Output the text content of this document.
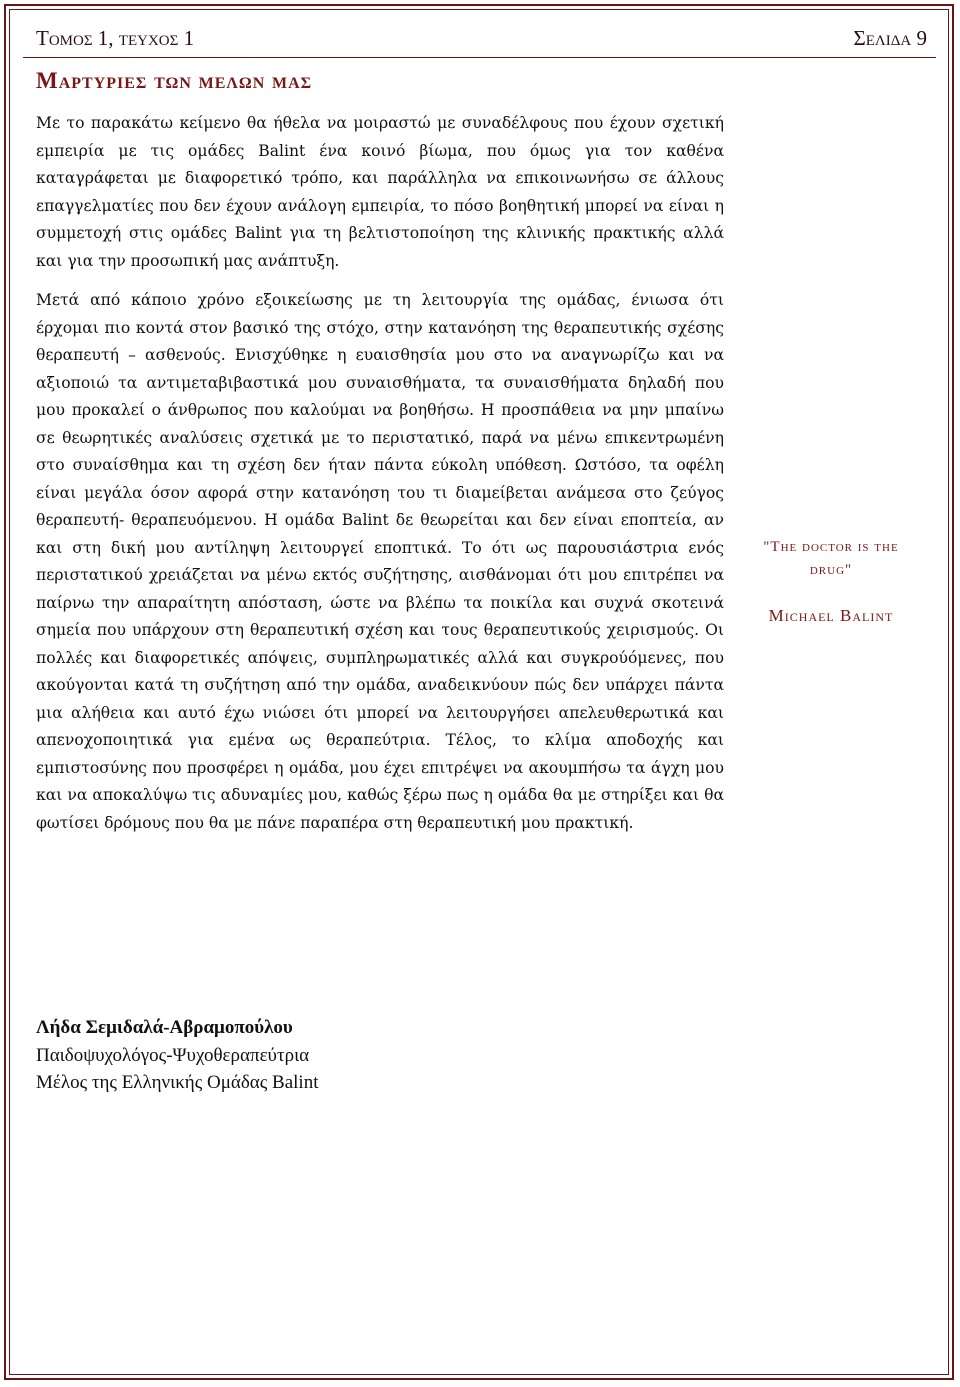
Τομος 1, τευχος 1	Σελιδα 9
Μαρτυριες των μελων μας

Με το παρακάτω κείμενο θα ήθελα να μοιραστώ με συναδέλφους που έχουν σχετική εμπειρία με τις ομάδες Balint ένα κοινό βίωμα, που όμως για τον καθένα καταγράφεται με διαφορετικό τρόπο, και παράλληλα να επικοινωνήσω σε άλλους επαγγελματίες που δεν έχουν ανάλογη εμπειρία, το πόσο βοηθητική μπορεί να είναι η συμμετοχή στις ομάδες Balint για τη βελτιστοποίηση της κλινικής πρακτικής αλλά και για την προσωπική μας ανάπτυξη.

Μετά από κάποιο χρόνο εξοικείωσης με τη λειτουργία της ομάδας, ένιωσα ότι έρχομαι πιο κοντά στον βασικό της στόχο, στην κατανόηση της θεραπευτικής σχέσης θεραπευτή – ασθενούς. Ενισχύθηκε η ευαισθησία μου στο να αναγνωρίζω και να αξιοποιώ τα αντιμεταβιβαστικά μου συναισθήματα, τα συναισθήματα δηλαδή που μου προκαλεί ο άνθρωπος που καλούμαι να βοηθήσω. Η προσπάθεια να μην μπαίνω σε θεωρητικές αναλύσεις σχετικά με το περιστατικό, παρά να μένω επικεντρωμένη στο συναίσθημα και τη σχέση δεν ήταν πάντα εύκολη υπόθεση. Ωστόσο, τα οφέλη είναι μεγάλα όσον αφορά στην κατανόηση του τι διαμείβεται ανάμεσα στο ζεύγος θεραπευτή- θεραπευόμενου. Η ομάδα Balint δε θεωρείται και δεν είναι εποπτεία, αν και στη δική μου αντίληψη λειτουργεί εποπτικά. Το ότι ως παρουσιάστρια ενός περιστατικού χρειάζεται να μένω εκτός συζήτησης, αισθάνομαι ότι μου επιτρέπει να παίρνω την απαραίτητη απόσταση, ώστε να βλέπω τα ποικίλα και συχνά σκοτεινά σημεία που υπάρχουν στη θεραπευτική σχέση και τους θεραπευτικούς χειρισμούς. Οι πολλές και διαφορετικές απόψεις, συμπληρωματικές αλλά και συγκρούόμενες, που ακούγονται κατά τη συζήτηση από την ομάδα, αναδεικνύουν πώς δεν υπάρχει πάντα μια αλήθεια και αυτό έχω νιώσει ότι μπορεί να λειτουργήσει απελευθερωτικά και απενοχοποιητικά για εμένα ως θεραπεύτρια. Τέλος, το κλίμα αποδοχής και εμπιστοσύνης που προσφέρει η ομάδα, μου έχει επιτρέψει να ακουμπήσω τα άγχη μου και να αποκαλύψω τις αδυναμίες μου, καθώς ξέρω πως η ομάδα θα με στηρίξει και θα φωτίσει δρόμους που θα με πάνε παραπέρα στη θεραπευτική μου πρακτική.

"The doctor is the drug"
Michael Balint
Λήδα Σεμιδαλά-Αβραμοπούλου
Παιδοψυχολόγος-Ψυχοθεραπεύτρια
Μέλος της Ελληνικής Ομάδας Balint
